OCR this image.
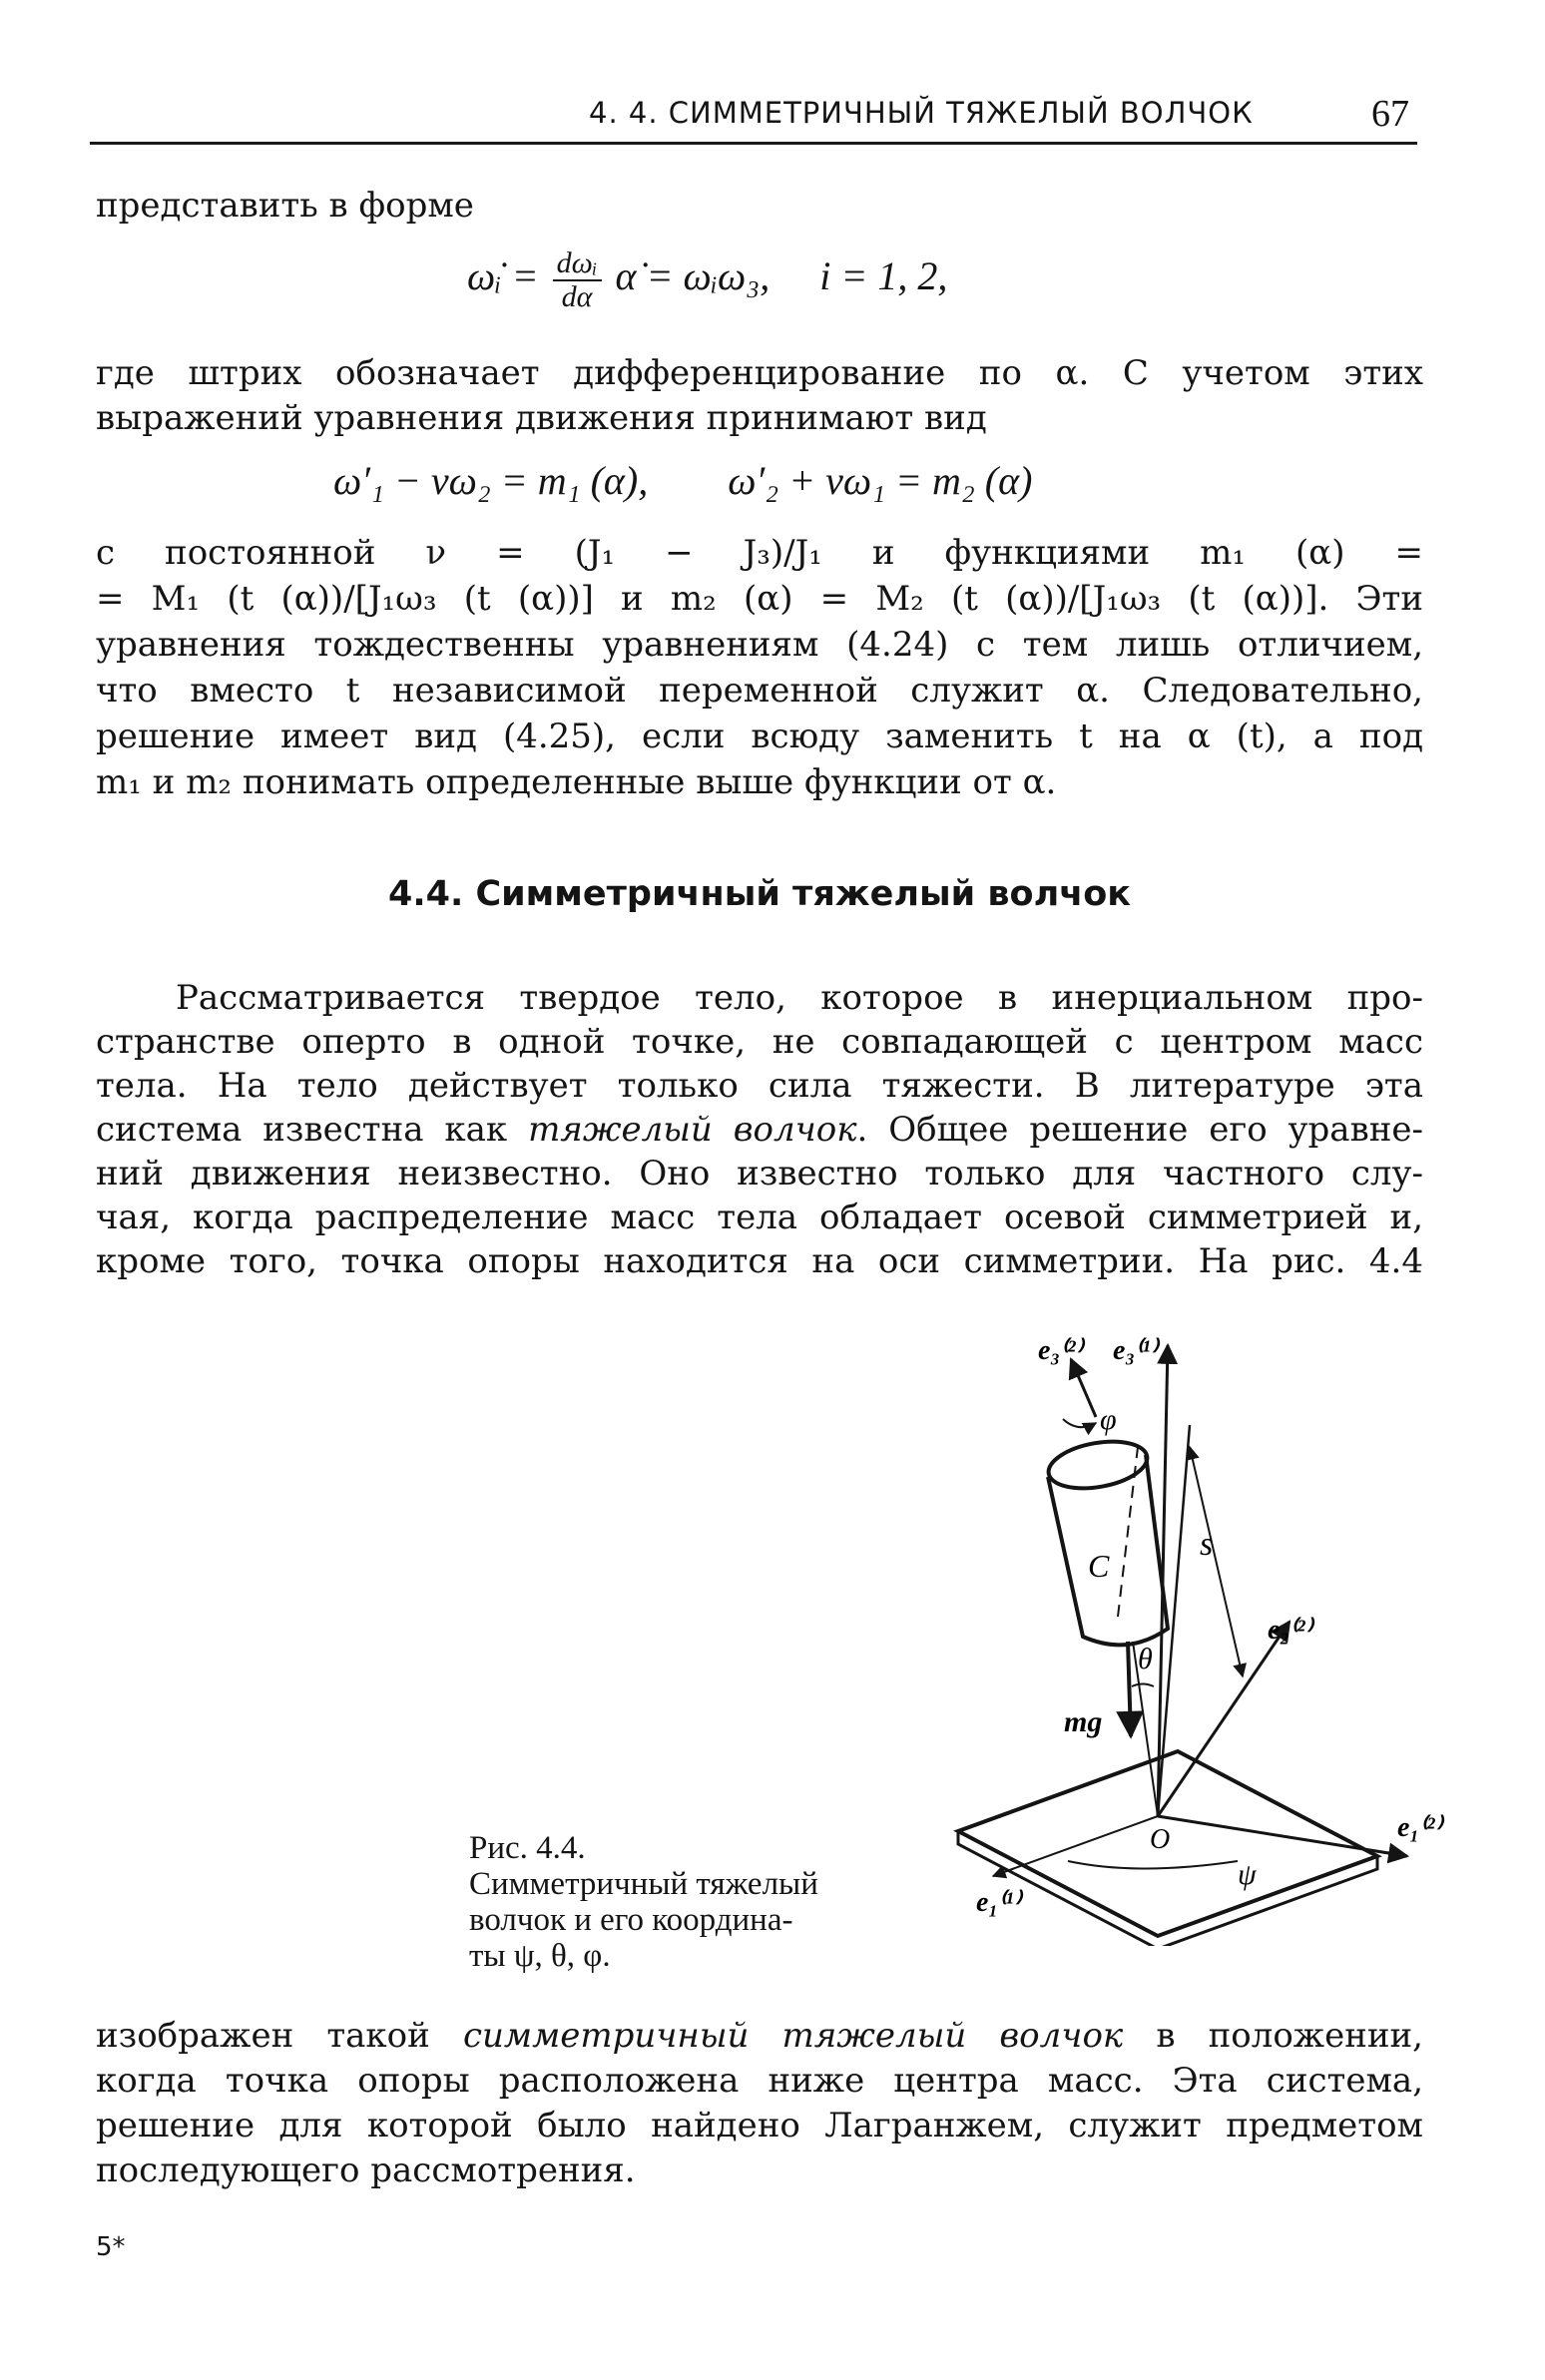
4. 4. СИММЕТРИЧНЫЙ ТЯЖЕЛЫЙ ВОЛЧОК	67
представить в форме
ω̇ᵢ = dωᵢ
dα α̇ = ωᵢω₃, i = 1, 2,
где штрих обозначает дифференцирование по α. С учетом этих
выражений уравнения движения принимают вид
ω′₁ − νω₂ = m₁ (α), ω′₂ + νω₁ = m₂ (α)
с постоянной ν = (J₁ − J₃)/J₁ и функциями m₁ (α) =
= M₁ (t (α))/[J₁ω₃ (t (α))] и m₂ (α) = M₂ (t (α))/[J₁ω₃ (t (α))]. Эти
уравнения тождественны уравнениям (4.24) с тем лишь отличием,
что вместо t независимой переменной служит α. Следовательно,
решение имеет вид (4.25), если всюду заменить t на α (t), а под
m₁ и m₂ понимать определенные выше функции от α.
4.4. Симметричный тяжелый волчок
Рассматривается твердое тело, которое в инерциальном про-
странстве оперто в одной точке, не совпадающей с центром масс
тела. На тело действует только сила тяжести. В литературе эта
система известна как тяжелый волчок. Общее решение его уравне-
ний движения неизвестно. Оно известно только для частного слу-
чая, когда распределение масс тела обладает осевой симметрией и,
кроме того, точка опоры находится на оси симметрии. На рис. 4.4
Рис. 4.4.
Симметричный тяжелый
волчок и его координа-
ты ψ, θ, φ.
e₃⁽²⁾ e₃⁽¹⁾
φ
s
C
e₂⁽²⁾
θ
mg
O
ψ
e₁⁽²⁾
e₁⁽¹⁾
изображен такой симметричный тяжелый волчок в положении,
когда точка опоры расположена ниже центра масс. Эта система,
решение для которой было найдено Лагранжем, служит предметом
последующего рассмотрения.
5*
